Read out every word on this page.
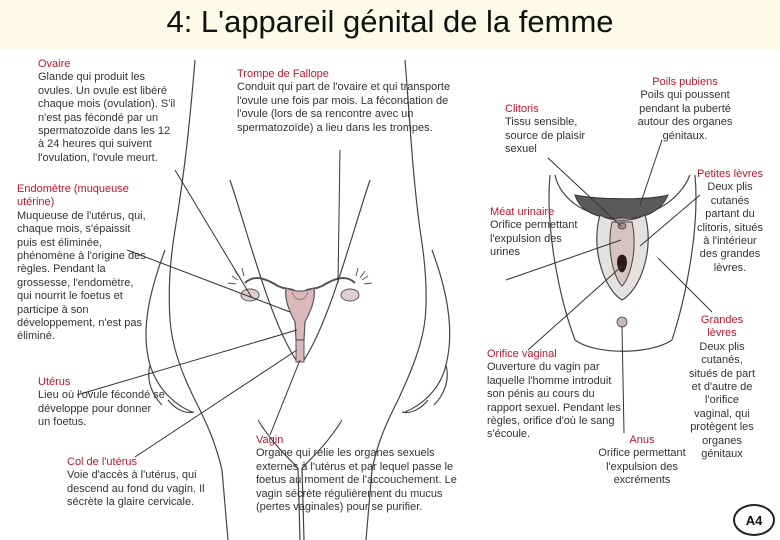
4: L'appareil génital de la femme
Ovaire
Glande qui produit les ovules. Un ovule est libéré chaque mois (ovulation). S'il n'est pas fécondé par un spermatozoïde dans les 12 à 24 heures qui suivent l'ovulation, l'ovule meurt.
Trompe de Fallope
Conduit qui part de l'ovaire et qui transporte l'ovule une fois par mois. La fécondation de l'ovule (lors de sa rencontre avec un spermatozoïde) a lieu dans les trompes.
Endomètre (muqueuse utérine)
Muqueuse de l'utérus, qui, chaque mois, s'épaissit puis est éliminée, phénomène à l'origine des règles. Pendant la grossesse, l'endomètre, qui nourrit le foetus et participe à son développement, n'est pas éliminé.
Utérus
Lieu où l'ovule fécondé se développe pour donner un foetus.
Col de l'utérus
Voie d'accès à l'utérus, qui descend au fond du vagin. Il sécrète la glaire cervicale.
Vagin
Organe qui relie les organes sexuels externes à l'utérus et par lequel passe le foetus au moment de l'accouchement. Le vagin sécrète régulièrement du mucus (pertes vaginales) pour se purifier.
Poils pubiens
Poils qui poussent pendant la puberté autour des organes génitaux.
Clitoris
Tissu sensible, source de plaisir sexuel
Petites lèvres
Deux plis cutanés partant du clitoris, situés à l'intérieur des grandes lèvres.
Méat urinaire
Orifice permettant l'expulsion des urines
Grandes lèvres
Deux plis cutanés, situés de part et d'autre de l'orifice vaginal, qui protègent les organes génitaux
Orifice vaginal
Ouverture du vagin par laquelle l'homme introduit son pénis au cours du rapport sexuel. Pendant les règles, orifice d'où le sang s'écoule.	Anus
Orifice permettant l'expulsion des excréments
A4
